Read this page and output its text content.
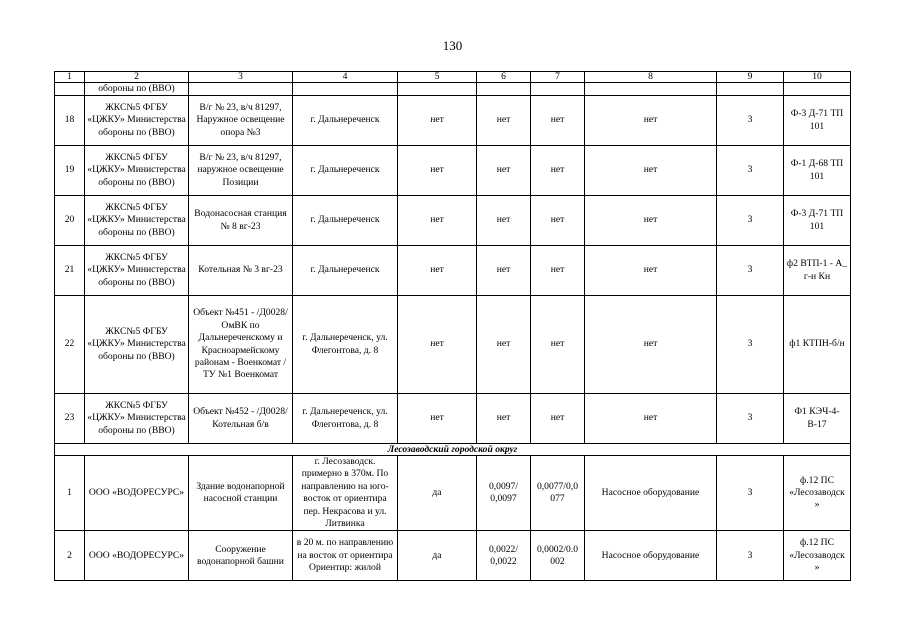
130
1	2	3	4	5	6	7	8	9	10
	обороны по (ВВО)								
18	ЖКС№5 ФГБУ «ЦЖКУ» Министерства обороны по (ВВО)	В/г № 23, в/ч 81297, Наружное освещение опора №3	г. Дальнереченск	нет	нет	нет	нет	3	Ф-3 Д-71 ТП 101
19	ЖКС№5 ФГБУ «ЦЖКУ» Министерства обороны по (ВВО)	В/г № 23, в/ч 81297, наружное освещение Позиции	г. Дальнереченск	нет	нет	нет	нет	3	Ф-1 Д-68 ТП 101
20	ЖКС№5 ФГБУ «ЦЖКУ» Министерства обороны по (ВВО)	Водонасосная станция № 8 вг-23	г. Дальнереченск	нет	нет	нет	нет	3	Ф-3 Д-71 ТП 101
21	ЖКС№5 ФГБУ «ЦЖКУ» Министерства обороны по (ВВО)	Котельная № 3 вг-23	г. Дальнереченск	нет	нет	нет	нет	3	ф2 ВТП-1 - А_ г-н Кн
22	ЖКС№5 ФГБУ «ЦЖКУ» Министерства обороны по (ВВО)	Объект №451 - /Д0028/ ОмВК по Дальнереченскому и Красноармейскому районам - Военкомат / ТУ №1 Военкомат	г. Дальнереченск, ул. Флегонтова, д. 8	нет	нет	нет	нет	3	ф1 КТПН-б/н
23	ЖКС№5 ФГБУ «ЦЖКУ» Министерства обороны по (ВВО)	Объект №452 - /Д0028/ Котельная б/в	г. Дальнереченск, ул. Флегонтова, д. 8	нет	нет	нет	нет	3	Ф1 КЭЧ-4-В-17
Лесозаводский городской округ									
1	ООО «ВОДОРЕСУРС»	Здание водонапорной насосной станции	г. Лесозаводск. примерно в 370м. По направлению на юго-восток от ориентира пер. Некрасова и ул. Литвинка	да	0,0097/ 0,0097	0,0077/0,0 077	Насосное оборудование	3	ф.12 ПС «Лесозаводск »
2	ООО «ВОДОРЕСУРС»	Сооружение водонапорной башни	в 20 м. по направлению на восток от ориентира Ориентир: жилой	да	0,0022/ 0,0022	0,0002/0.0 002	Насосное оборудование	3	ф.12 ПС «Лесозаводск »
